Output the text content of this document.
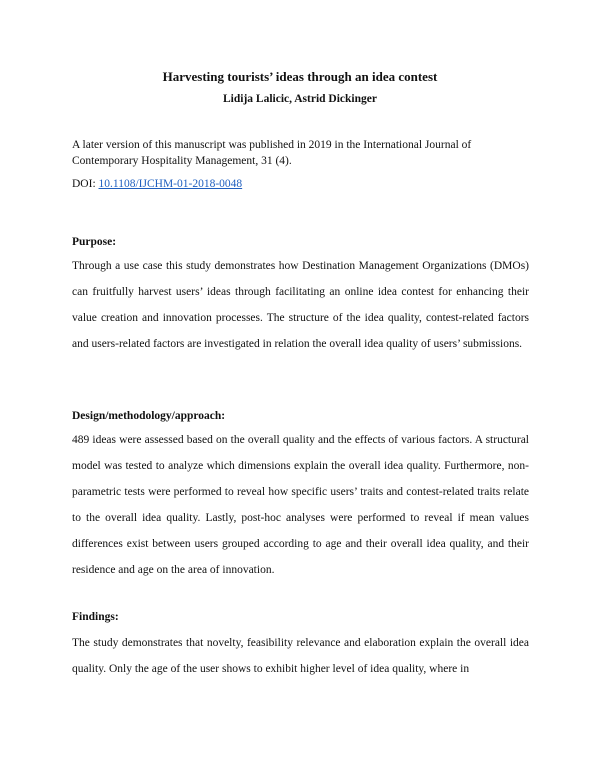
Harvesting tourists’ ideas through an idea contest
Lidija Lalicic, Astrid Dickinger
A later version of this manuscript was published in 2019 in the International Journal of Contemporary Hospitality Management, 31 (4).
DOI: 10.1108/IJCHM-01-2018-0048
Purpose:
Through a use case this study demonstrates how Destination Management Organizations (DMOs) can fruitfully harvest users’ ideas through facilitating an online idea contest for enhancing their value creation and innovation processes. The structure of the idea quality, contest-related factors and users-related factors are investigated in relation the overall idea quality of users’ submissions.
Design/methodology/approach:
489 ideas were assessed based on the overall quality and the effects of various factors. A structural model was tested to analyze which dimensions explain the overall idea quality. Furthermore, non-parametric tests were performed to reveal how specific users’ traits and contest-related traits relate to the overall idea quality. Lastly, post-hoc analyses were performed to reveal if mean values differences exist between users grouped according to age and their overall idea quality, and their residence and age on the area of innovation.
Findings:
The study demonstrates that novelty, feasibility relevance and elaboration explain the overall idea quality. Only the age of the user shows to exhibit higher level of idea quality, where in
